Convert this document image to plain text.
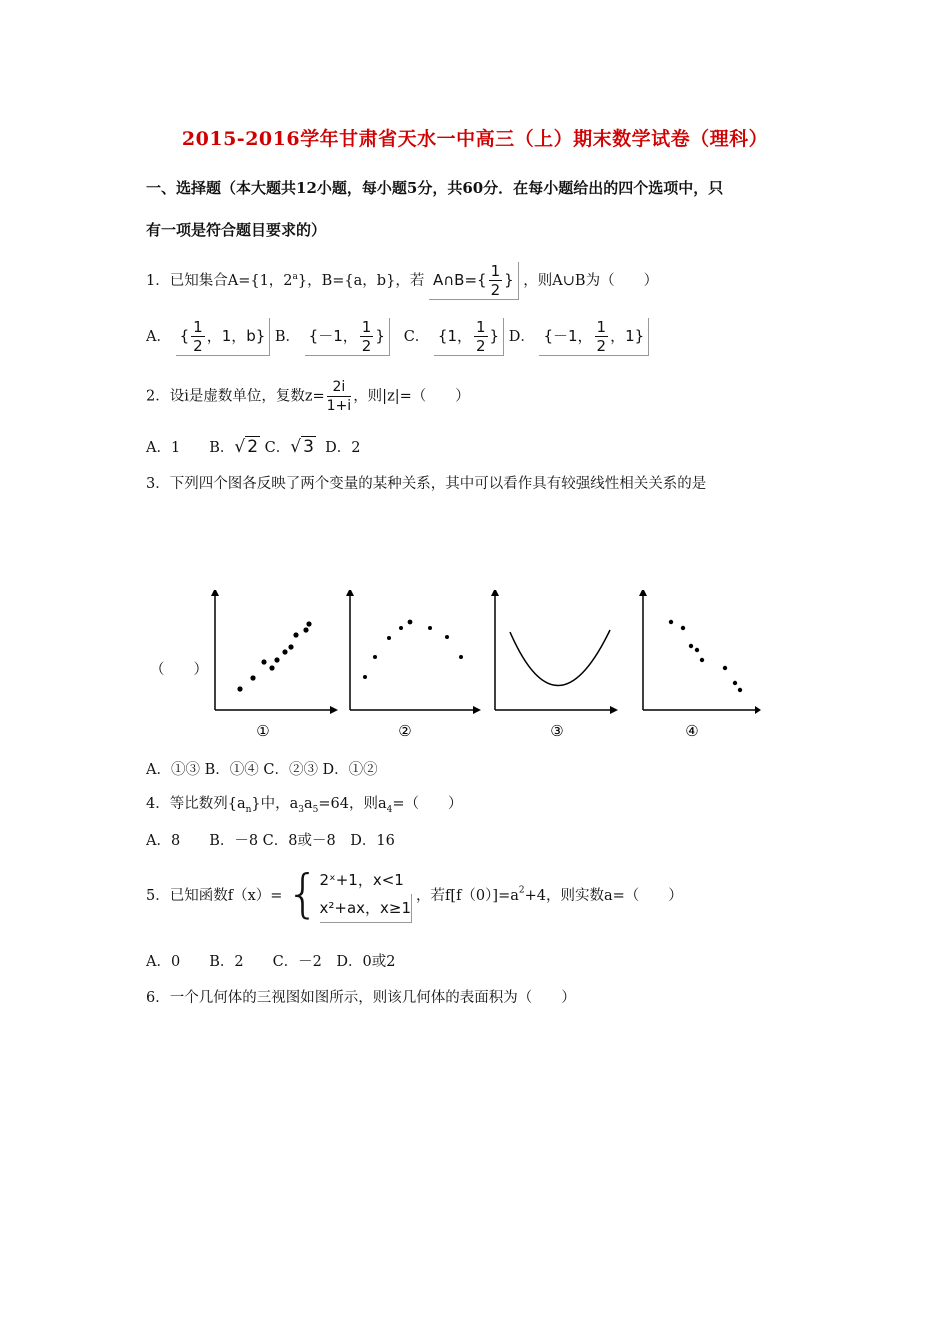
2015-2016学年甘肃省天水一中高三（上）期末数学试卷（理科）
一、选择题（本大题共12小题，每小题5分，共60分．在每小题给出的四个选项中，只
有一项是符合题目要求的）
1．已知集合A={1，2$^a$}，B={a，b}，若 A∩B={ $\frac{1}{2}$ } ，则A∪B为（　　）
A． { $\frac{1}{2}$ ，1，b} B． {－1， $\frac{1}{2}$ } C． {1， $\frac{1}{2}$ } D． {－1， $\frac{1}{2}$ ，1}
2．设i是虚数单位，复数$z= \frac{2i}{1+i}$ ，则|z|=（　　）
A．1　　B．√ 2 C．√ 3 D．2
3．下列四个图各反映了两个变量的某种关系，其中可以看作具有较强线性相关关系的是
（　　）
①	②	③	④
A．①③ B．①④ C．②③ D．①②
4．等比数列$\{a_n\}$中，$a_3a_5=64$，则$a_4=$（　　）
A．8　　B．－8 C．8或－8　D．16
5．已知函数f（x）={ 2ˣ+1，x<1
x²+ax，x≥1
，若$f[f(0)]=a^2+4$，则实数a=（　　）
A．0　　B．2　　C．－2　D．0或2
6．一个几何体的三视图如图所示，则该几何体的表面积为（　　）
